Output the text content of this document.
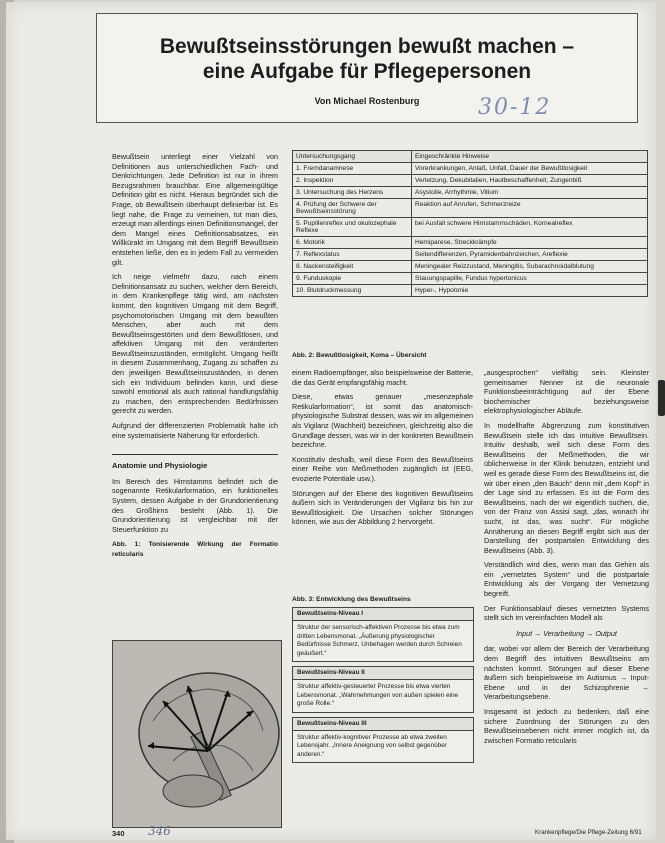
Bewußtseinsstörungen bewußt machen –
eine Aufgabe für Pflegepersonen
Von Michael Rostenburg	30-12

Bewußtsein unterliegt einer Vielzahl von Definitionen aus unterschiedlichen Fach- und Denkrichtungen. Jede Definition ist nur in ihrem Bezugsrahmen brauchbar. Eine allgemeingültige Definition gibt es nicht. Hieraus begründet sich die Frage, ob Bewußtsein überhaupt definierbar ist. Es liegt nahe, die Frage zu verneinen, tut man dies, erzeugt man allerdings einen Definitionsmangel, der dem Mangel eines Definitionsabsatzes, ein Willkürakt im Umgang mit dem Begriff Bewußtsein entstehen ließe, den es in jedem Fall zu vermeiden gilt.

Ich neige vielmehr dazu, nach einem Definitionsansatz zu suchen, welcher dem Bereich, in dem Krankenpflege tätig wird, am nächsten kommt, den kognitiven Umgang mit dem Begriff, psychomotorischen Umgang mit dem bewußten Menschen, aber auch mit dem Bewußtseinsgestörten und dem Bewußtlosen, und affektiven Umgang mit den veränderten Bewußtseinszuständen, ermöglicht. Umgang heißt in diesem Zusammenhang, Zugang zu schaffen zu den jeweiligen Bewußtseinszuständen, in denen sich ein Individuum befinden kann, und diese sowohl emotional als auch rational handlungsfähig zu machen, den entsprechenden Bedürfnissen gerecht zu werden.

Aufgrund der differenzierten Problematik halte ich eine systematisierte Näherung für erforderlich.

Anatomie und Physiologie

Im Bereich des Hirnstamms befindet sich die sogenannte Retikularformation, ein funktionelles System, dessen Aufgabe in der Grundorientierung des Großhirns besteht (Abb. 1). Die Grundorientierung ist vergleichbar mit der Steuerfunktion zu

Abb. 1: Tonisierende Wirkung der Formatio reticularis
Untersuchungsgang	Eingeschränkte Hinweise
1. Fremdanamnese	Vorerkrankungen, Anlaß, Unfall, Dauer der Bewußtlosigkeit
2. Inspektion	Verletzung, Dekubitalien, Hautbeschaffenheit, Zungenbiß
3. Untersuchung des Herzens	Asystolie, Arrhythmie, Vitium
4. Prüfung der Schwere der Bewußtseinsstörung	Reaktion auf Anrufen, Schmerzreize
5. Pupillenreflex und okulozephale Reflexe	bei Ausfall schwere Hirnstammschäden, Kornealreflex
6. Motorik	Hemiparese, Streckkrämpfe
7. Reflexstatus	Seitendifferenzen, Pyramidenbahnzeichen, Areflexie
8. Nackensteifigkeit	Meningealer Reizzustand, Meningitis, Subarachnoidalblutung
9. Funduskopie	Stauungspapille, Fundus hypertonicus
10. Blutdruckmessung	Hyper-, Hypotonie
Abb. 2: Bewußtlosigkeit, Koma – Übersicht

einem Radioempfänger, also beispielsweise der Batterie, die das Gerät empfangsfähig macht.

Diese, etwas genauer „mesenzephale Retikularformation“, ist somit das anatomisch-physiologische Substrat dessen, was wir im allgemeinen als Vigilanz (Wachheit) bezeichnen, gleichzeitig also die Grundlage dessen, was wir in der konkreten Bewußtsein bezeichne.

Konstitutiv deshalb, weil diese Form des Bewußtseins einer Reihe von Meßmethoden zugänglich ist (EEG, evozierte Potentiale usw.).

Störungen auf der Ebene des kognitiven Bewußtseins äußern sich in Veränderungen der Vigilanz bis hin zur Bewußtlosigkeit. Die Ursachen solcher Störungen können, wie aus der Abbildung 2 hervorgeht.

Abb. 3: Entwicklung des Bewußtseins
Bewußtseins-Niveau I
Struktur der sensorisch-affektiven Prozesse bis etwa zum dritten Lebensmonat. „Äußerung physiologischer Bedürfnisse Schmerz, Unbehagen werden durch Schreien geäußert.“
Bewußtseins-Niveau II
Struktur affektiv-gesteuerter Prozesse bis etwa vierten Lebensmonat. „Wahrnehmungen von außen spielen eine große Rolle.“
Bewußtseins-Niveau III
Struktur affektiv-kognitiver Prozesse ab etwa zweiten Lebensjahr. „Innere Aneignung von selbst gegenüber anderen.“

„ausgesprochen“ vielfältig sein. Kleinster gemeinsamer Nenner ist die neuronale Funktionsbeeinträchtigung auf der Ebene biochemischer beziehungsweise elektrophysiologischer Abläufe.

In modellhafte Abgrenzung zum konstitutiven Bewußtsein stelle ich das intuitive Bewußtsein. Intuitiv deshalb, weil sich diese Form des Bewußtseins der Meßmethoden, die wir üblicherweise in der Klinik benutzen, entzieht und weil es gerade diese Form des Bewußtseins ist, die wir über einen „den Bauch“ denn mit „dem Kopf“ in der Lage sind zu erfassen. Es ist die Form des Bewußtseins, nach der wir eigentlich suchen, die, von der Franz von Assisi sagt, „das, wonach ihr sucht, ist das, was sucht“. Für mögliche Annäherung an diesen Begriff ergibt sich aus der Darstellung der postpartalen Entwicklung des Bewußtseins (Abb. 3).

Verständlich wird dies, wenn man das Gehirn als ein „vernetztes System“ und die postpartale Entwicklung als der Vorgang der Vernetzung begreift.

Der Funktionsablauf dieses vernetzten Systems stellt sich im vereinfachten Modell als

Input → Verarbeitung → Output

dar, wobei vor allem der Bereich der Verarbeitung dem Begriff des intuitiven Bewußtseins am nächsten kommt. Störungen auf dieser Ebene äußern sich beispielsweise im Autismus → Input-Ebene und in der Schizophrenie → Verarbeitungsebene.

Insgesamt ist jedoch zu bedenken, daß eine sichere Zuordnung der Störungen zu den Bewußtseinsebenen nicht immer möglich ist, da zwischen Formatio reticularis

340 346	Krankenpflege/Die Pflege-Zeitung 6/91
